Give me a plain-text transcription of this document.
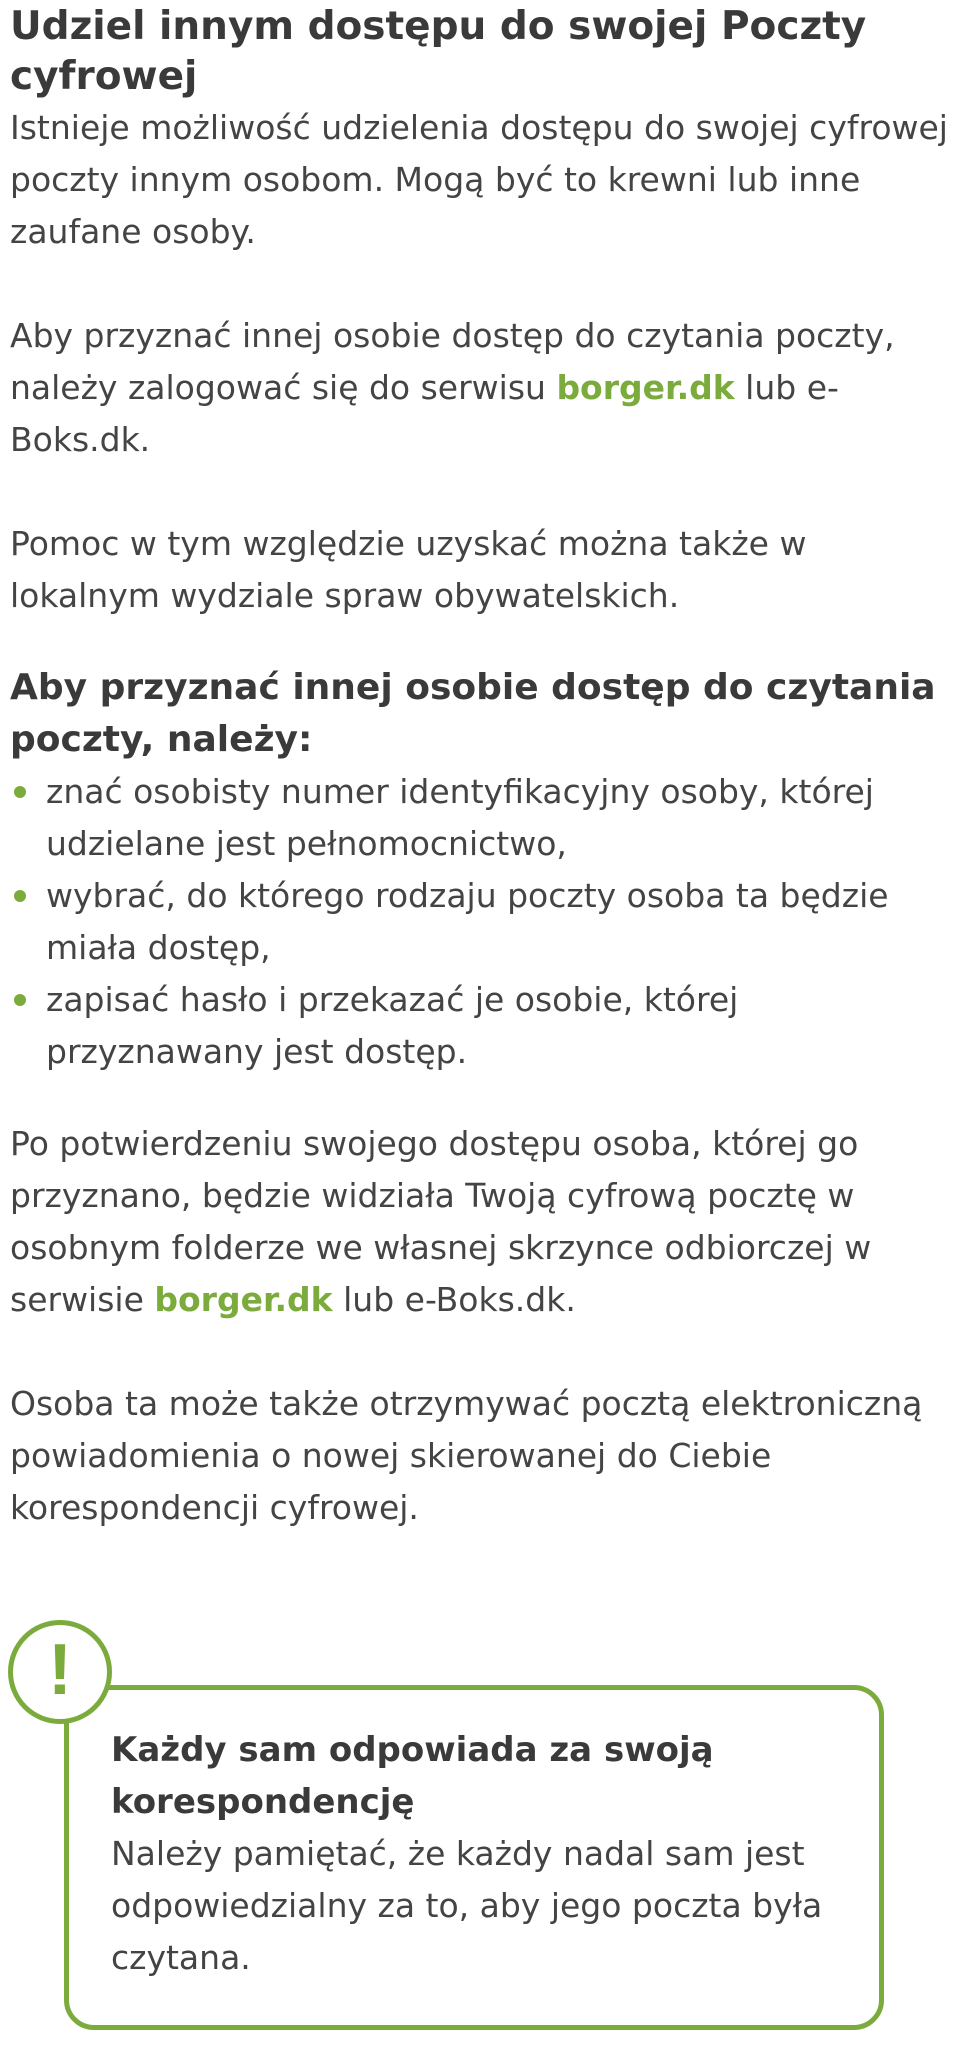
Udziel innym dostępu do swojej Poczty cyfrowej

Istnieje możliwość udzielenia dostępu do swojej cyfrowej poczty innym osobom. Mogą być to krewni lub inne zaufane osoby.

Aby przyznać innej osobie dostęp do czytania poczty, należy zalogować się do serwisu borger.dk lub e-Boks.dk.

Pomoc w tym względzie uzyskać można także w lokalnym wydziale spraw obywatelskich.

Aby przyznać innej osobie dostęp do czytania poczty, należy:
znać osobisty numer identyfikacyjny osoby, której udzielane jest pełnomocnictwo,
wybrać, do którego rodzaju poczty osoba ta będzie miała dostęp,
zapisać hasło i przekazać je osobie, której przyznawany jest dostęp.

Po potwierdzeniu swojego dostępu osoba, której go przyznano, będzie widziała Twoją cyfrową pocztę w osobnym folderze we własnej skrzynce odbiorczej w serwisie borger.dk lub e-Boks.dk.

Osoba ta może także otrzymywać pocztą elektroniczną powiadomienia o nowej skierowanej do Ciebie korespondencji cyfrowej.

!
Każdy sam odpowiada za swoją korespondencję

Należy pamiętać, że każdy nadal sam jest odpowiedzialny za to, aby jego poczta była czytana.
